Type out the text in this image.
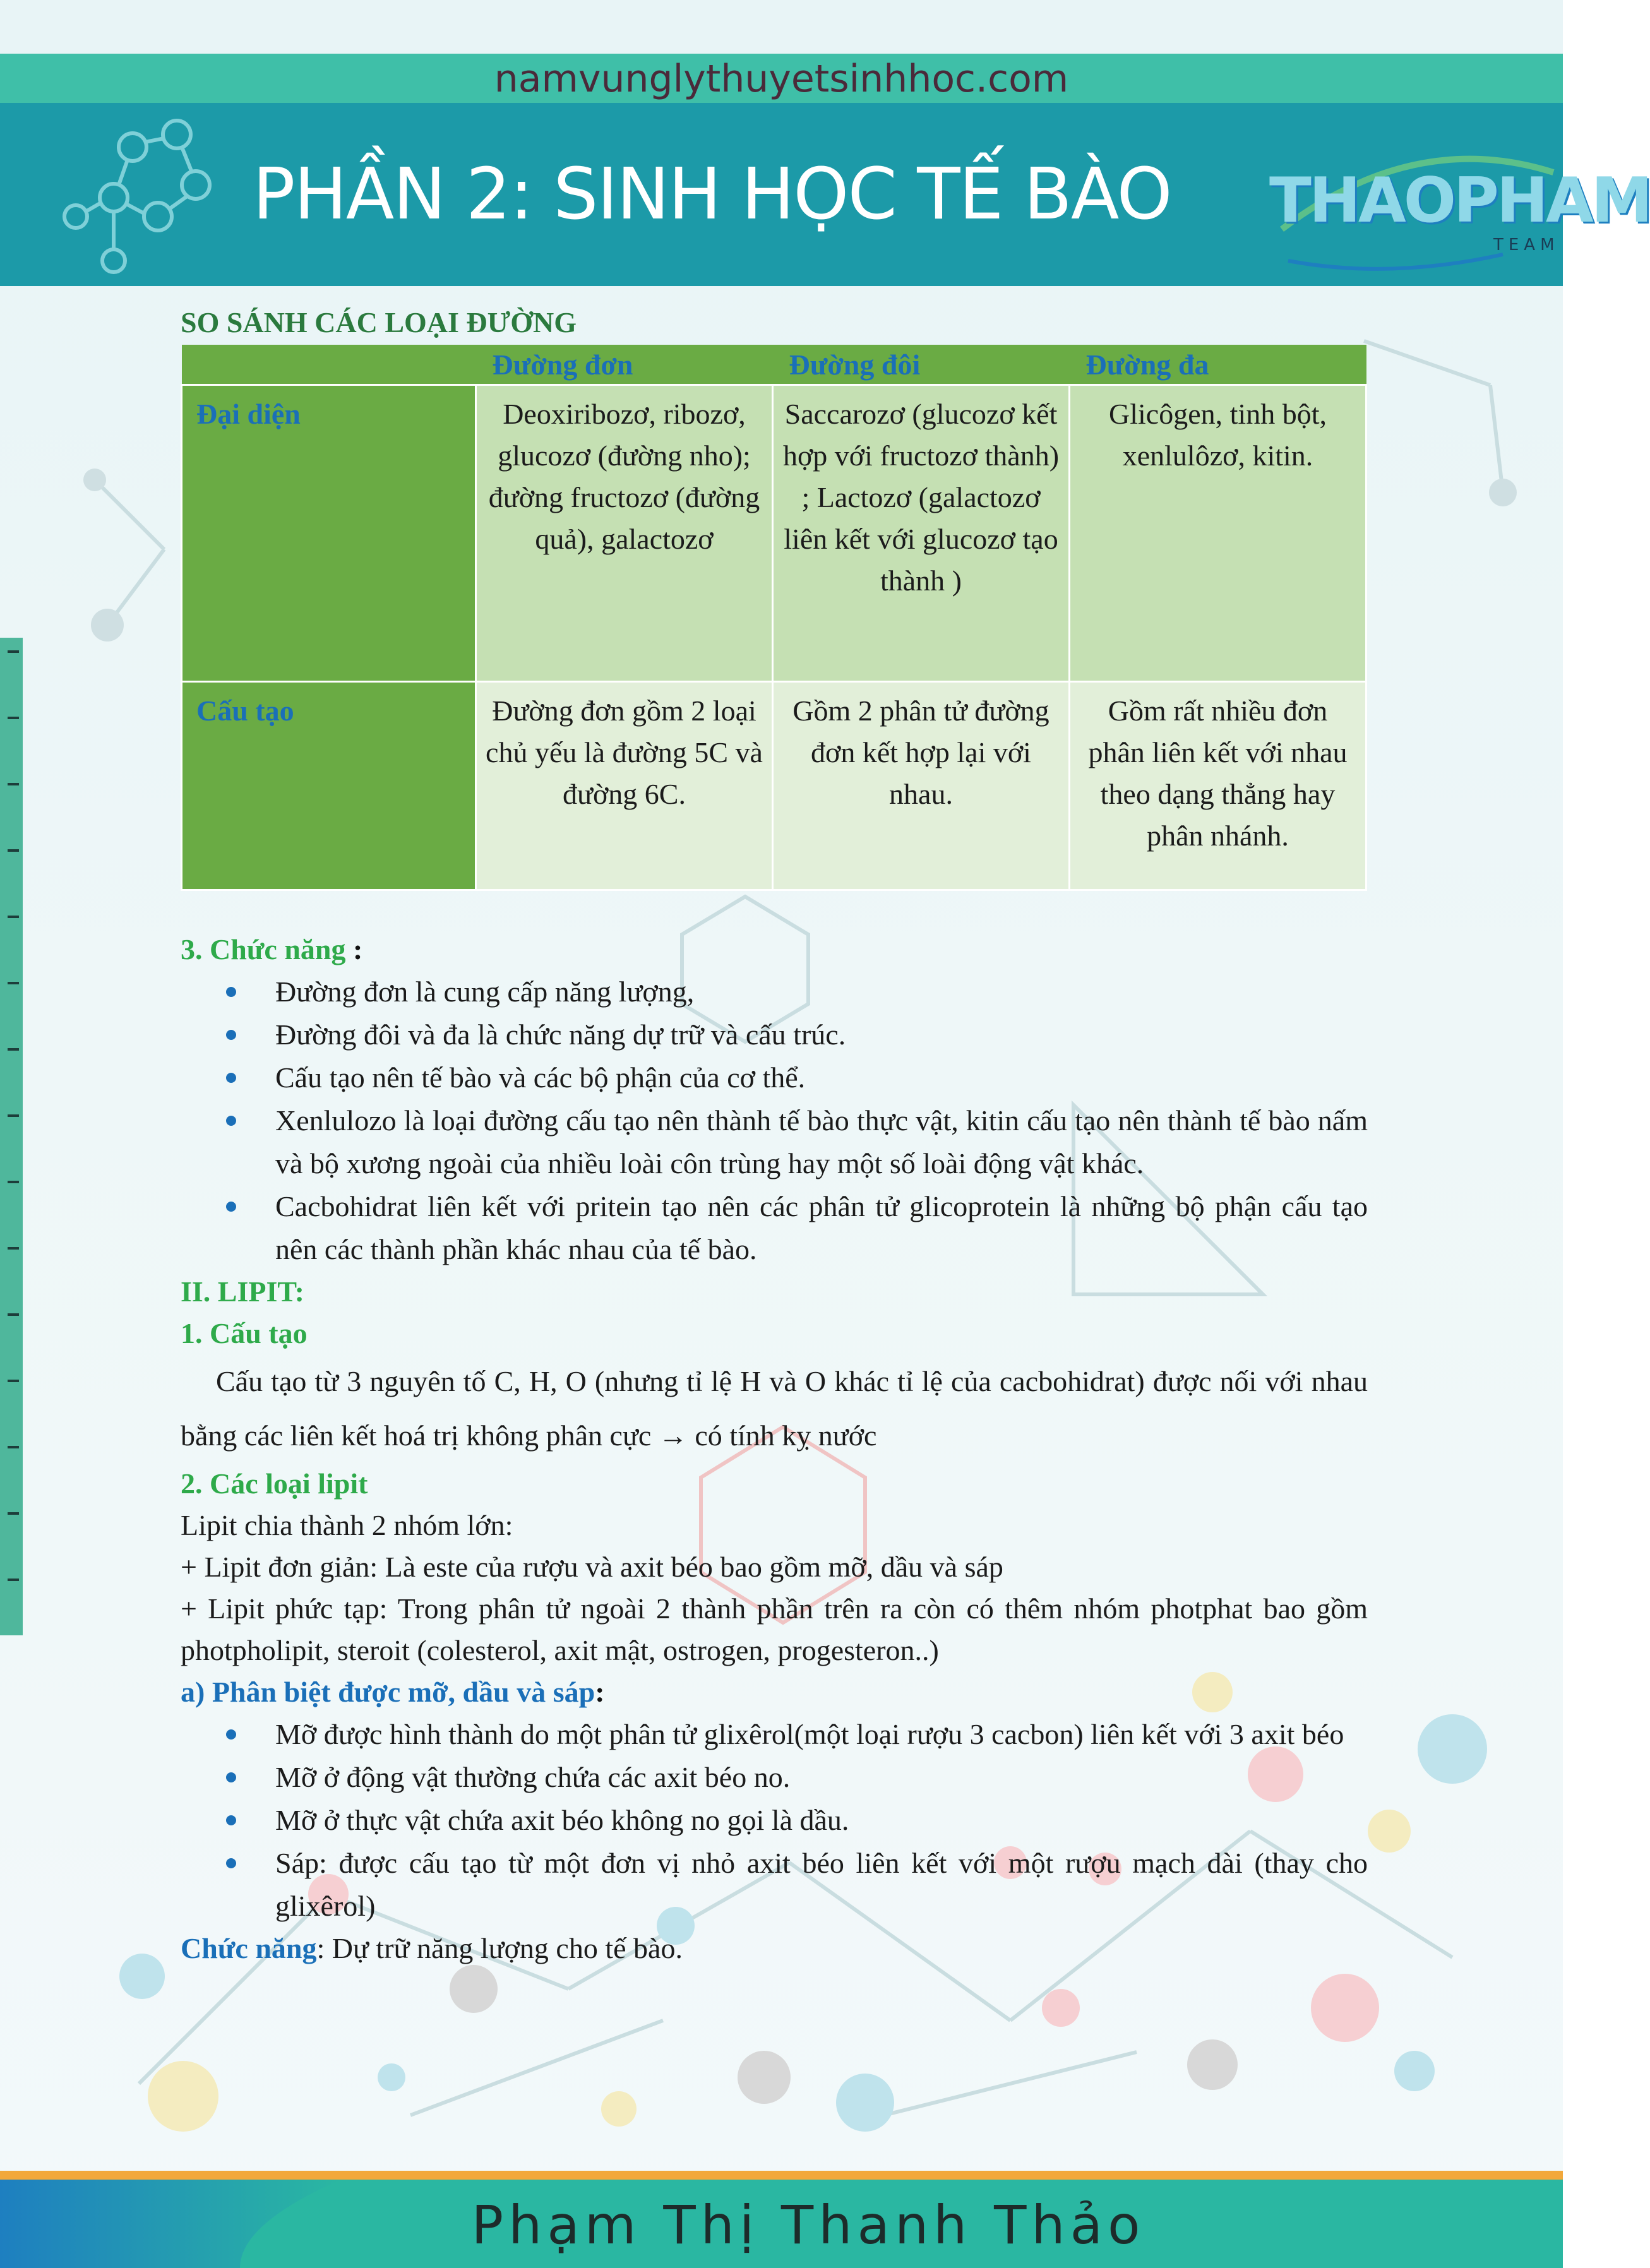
namvunglythuyetsinhhoc.com
PHẦN 2: SINH HỌC TẾ BÀO THAOPHAM
TEAM
SO SÁNH CÁC LOẠI ĐƯỜNG
	Đường đơn	Đường đôi	Đường đa
Đại diện	Deoxiribozơ, ribozơ, glucozơ (đường nho); đường fructozơ (đường quả), galactozơ	Saccarozơ (glucozơ kết hợp với fructozơ thành) ; Lactozơ (galactozơ liên kết với glucozơ tạo thành )	Glicôgen, tinh bột, xenlulôzơ, kitin.
Cấu tạo	Đường đơn gồm 2 loại chủ yếu là đường 5C và đường 6C.	Gồm 2 phân tử đường đơn kết hợp lại với nhau.	Gồm rất nhiều đơn phân liên kết với nhau theo dạng thẳng hay phân nhánh.
3. Chức năng :
Đường đơn là cung cấp năng lượng,
Đường đôi và đa là chức năng dự trữ và cấu trúc.
Cấu tạo nên tế bào và các bộ phận của cơ thể.
Xenlulozo là loại đường cấu tạo nên thành tế bào thực vật, kitin cấu tạo nên thành tế bào nấm và bộ xương ngoài của nhiều loài côn trùng hay một số loài động vật khác.
Cacbohidrat liên kết với pritein tạo nên các phân tử glicoprotein là những bộ phận cấu tạo nên các thành phần khác nhau của tế bào.
II. LIPIT:
1. Cấu tạo
Cấu tạo từ 3 nguyên tố C, H, O (nhưng tỉ lệ H và O khác tỉ lệ của cacbohidrat) được nối với nhau bằng các liên kết hoá trị không phân cực → có tính kỵ nước
2. Các loại lipit
Lipit chia thành 2 nhóm lớn:
+ Lipit đơn giản: Là este của rượu và axit béo bao gồm mỡ, dầu và sáp
+ Lipit phức tạp: Trong phân tử ngoài 2 thành phần trên ra còn có thêm nhóm photphat bao gồm photpholipit, steroit (colesterol, axit mật, ostrogen, progesteron..)
a) Phân biệt được mỡ, dầu và sáp:
Mỡ được hình thành do một phân tử glixêrol(một loại rượu 3 cacbon) liên kết với 3 axit béo
Mỡ ở động vật thường chứa các axit béo no.
Mỡ ở thực vật chứa axit béo không no gọi là dầu.
Sáp: được cấu tạo từ một đơn vị nhỏ axit béo liên kết với một rượu mạch dài (thay cho glixêrol)
Chức năng: Dự trữ năng lượng cho tế bào.
Phạm Thị Thanh Thảo
